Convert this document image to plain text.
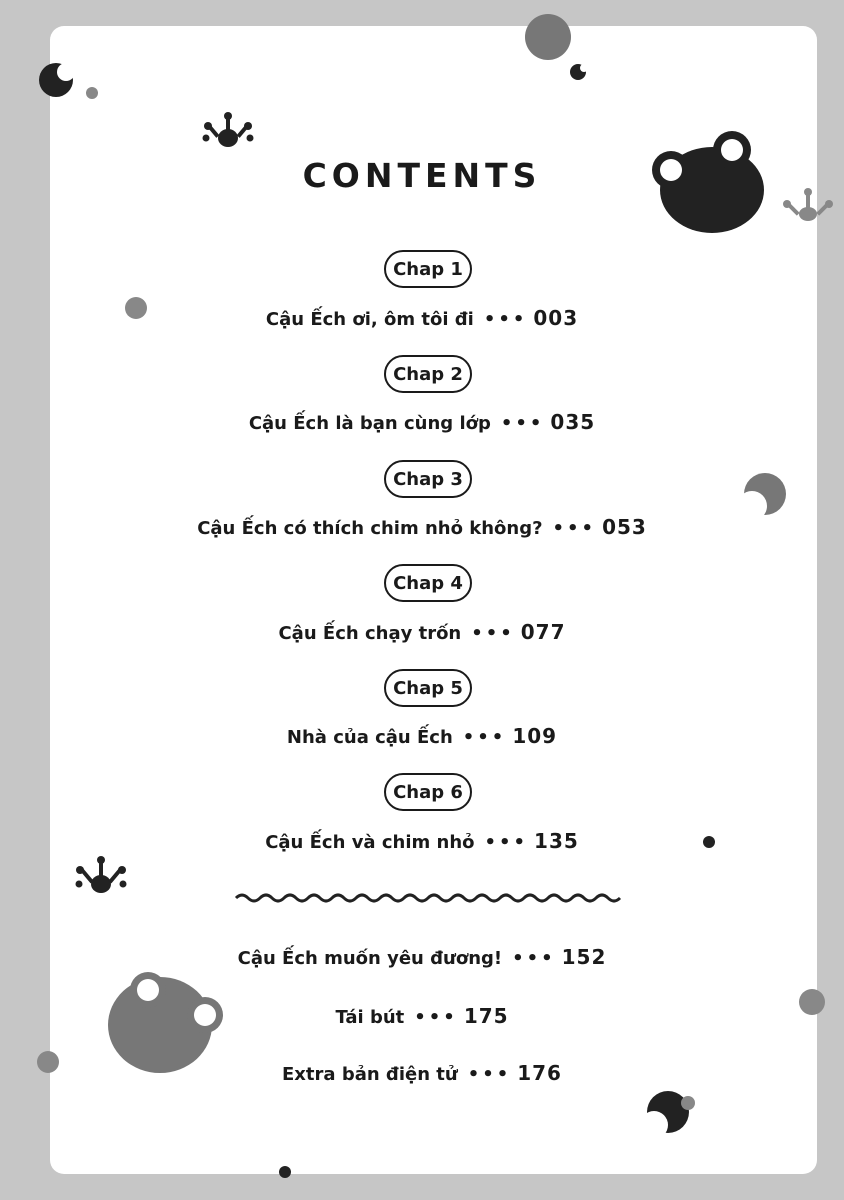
CONTENTS
Chap 1
Cậu Ếch ơi, ôm tôi đi ••• 003
Chap 2
Cậu Ếch là bạn cùng lớp ••• 035
Chap 3
Cậu Ếch có thích chim nhỏ không? ••• 053
Chap 4
Cậu Ếch chạy trốn ••• 077
Chap 5
Nhà của cậu Ếch ••• 109
Chap 6
Cậu Ếch và chim nhỏ ••• 135
Cậu Ếch muốn yêu đương! ••• 152
Tái bút ••• 175
Extra bản điện tử ••• 176
